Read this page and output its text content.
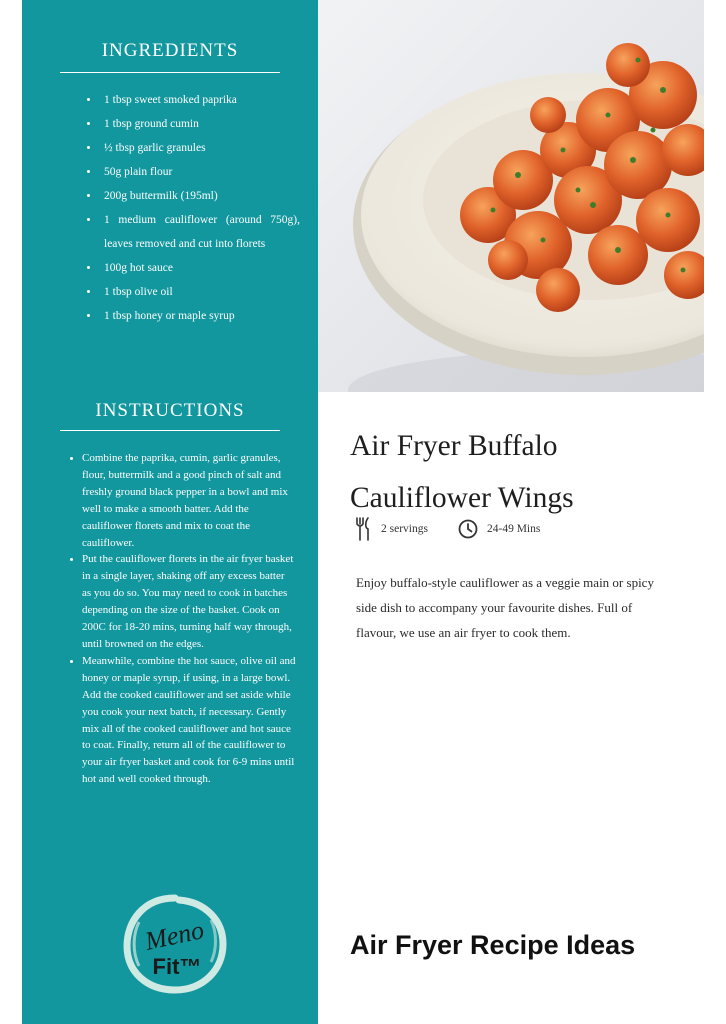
INGREDIENTS
• 1 tbsp sweet smoked paprika
• 1 tbsp ground cumin
• ½ tbsp garlic granules
• 50g plain flour
• 200g buttermilk (195ml)
• 1 medium cauliflower (around 750g), leaves removed and cut into florets
• 100g hot sauce
• 1 tbsp olive oil
• 1 tbsp honey or maple syrup
INSTRUCTIONS
• Combine the paprika, cumin, garlic granules, flour, buttermilk and a good pinch of salt and freshly ground black pepper in a bowl and mix well to make a smooth batter. Add the cauliflower florets and mix to coat the cauliflower.
• Put the cauliflower florets in the air fryer basket in a single layer, shaking off any excess batter as you do so. You may need to cook in batches depending on the size of the basket. Cook on 200C for 18-20 mins, turning half way through, until browned on the edges.
• Meanwhile, combine the hot sauce, olive oil and honey or maple syrup, if using, in a large bowl. Add the cooked cauliflower and set aside while you cook your next batch, if necessary. Gently mix all of the cooked cauliflower and hot sauce to coat. Finally, return all of the cauliflower to your air fryer basket and cook for 6-9 mins until hot and well cooked through.
Meno
Fit™
Air Fryer Buffalo
Cauliflower Wings
2 servings	24-49 Mins

Enjoy buffalo-style cauliflower as a veggie main or spicy side dish to accompany your favourite dishes. Full of flavour, we use an air fryer to cook them.

Air Fryer Recipe Ideas
